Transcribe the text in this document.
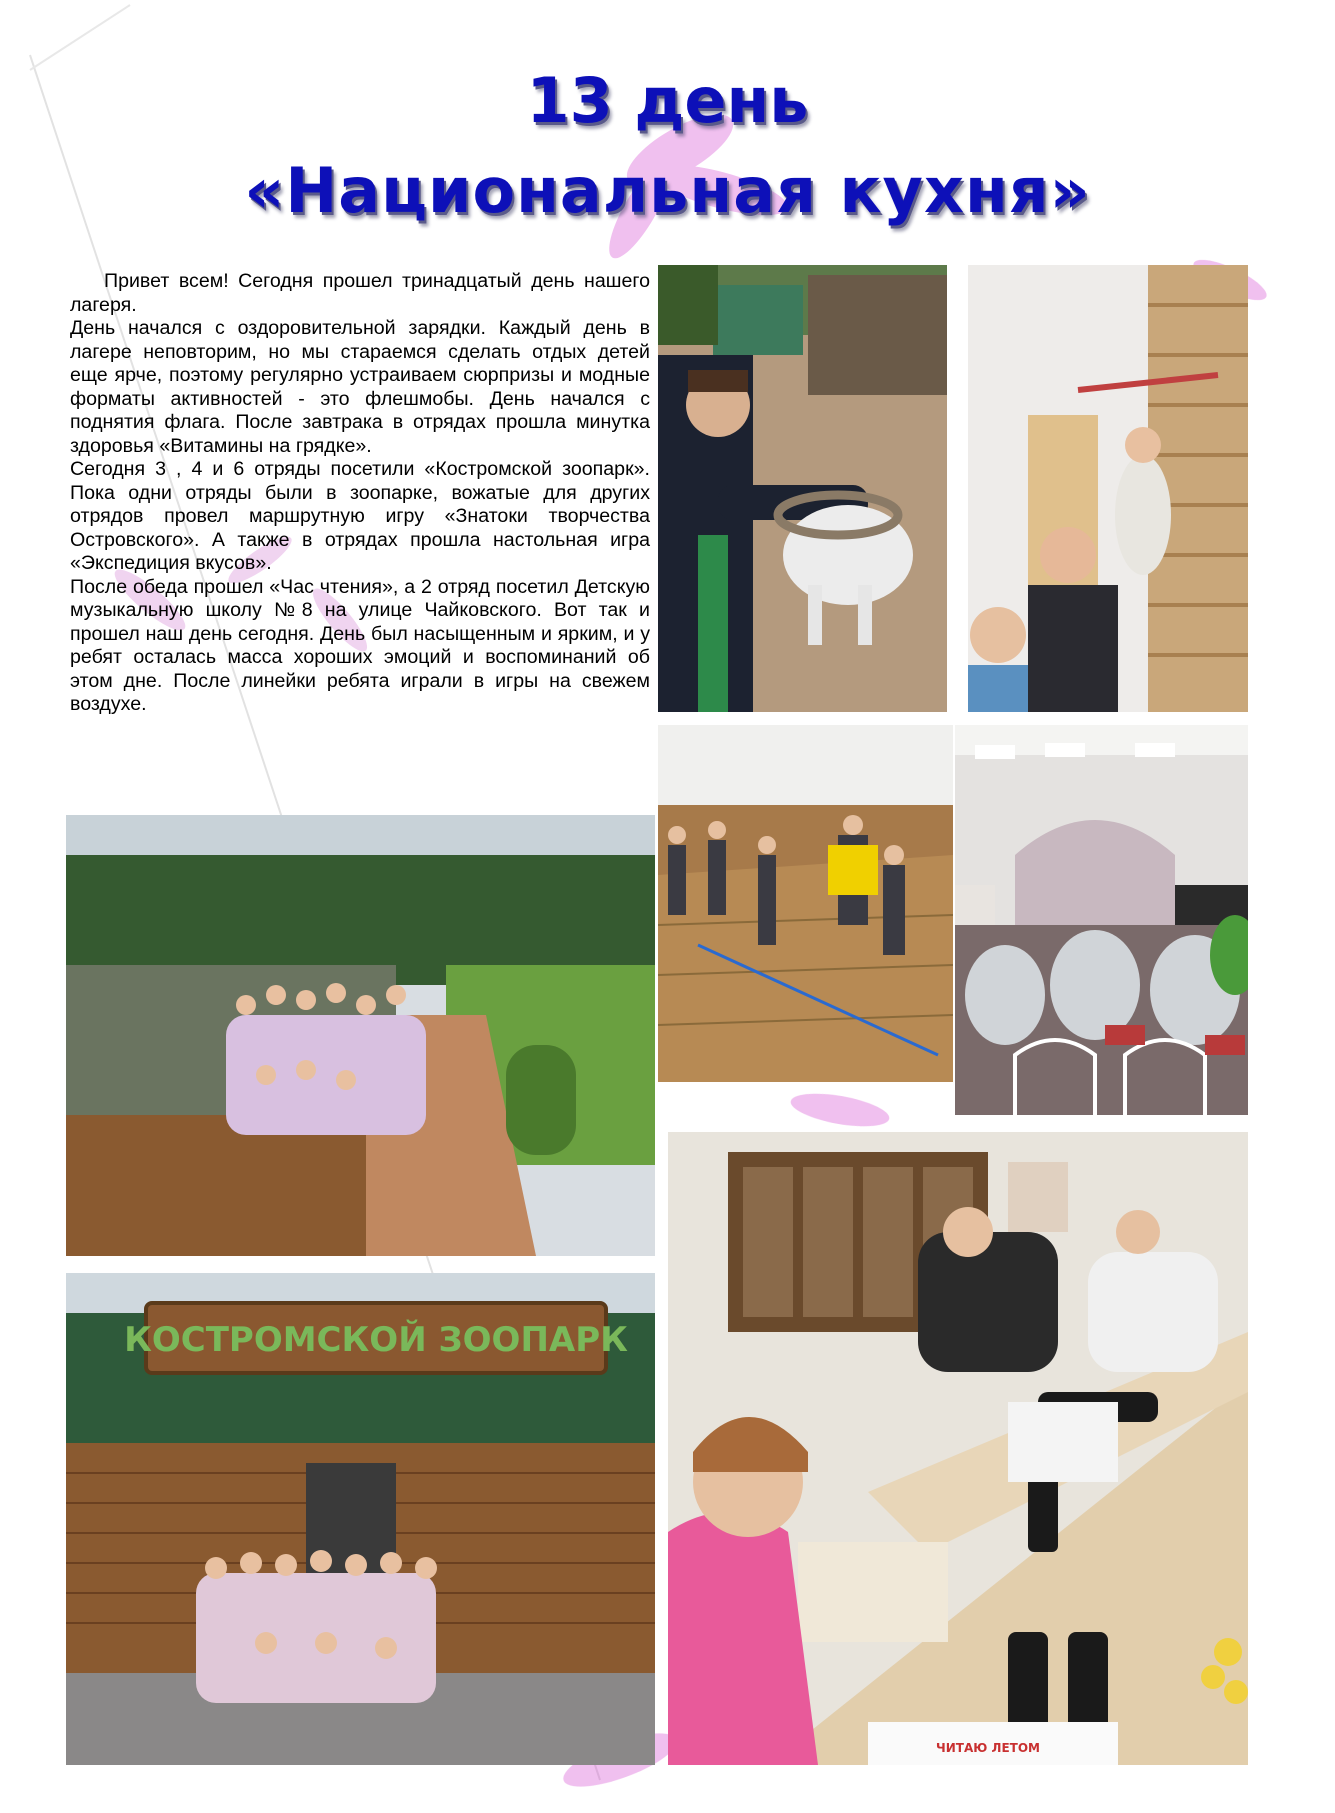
13 день
«Национальная кухня»

Привет всем! Сегодня прошел тринадцатый день нашего лагеря.

День начался с оздоровительной зарядки. Каждый день в лагере неповторим, но мы стараемся сделать отдых детей еще ярче, поэтому регулярно устраиваем сюрпризы и модные форматы активностей - это флешмобы. День начался с поднятия флага. После завтрака в отрядах прошла минутка здоровья «Витамины на грядке».

Сегодня 3 , 4 и 6 отряды посетили «Костромской зоопарк». Пока одни отряды были в зоопарке, вожатые для других отрядов провел маршрутную игру «Знатоки творчества Островского». А также в отрядах прошла настольная игра «Экспедиция вкусов».

После обеда прошел «Час чтения», а 2 отряд посетил Детскую музыкальную школу №8 на улице Чайковского. Вот так и прошел наш день сегодня. День был насыщенным и ярким, и у ребят осталась масса хороших эмоций и воспоминаний об этом дне. После линейки ребята играли в игры на свежем воздухе.

КОСТРОМСКОЙ ЗООПАРК
ЧИТАЮ ЛЕТОМ
